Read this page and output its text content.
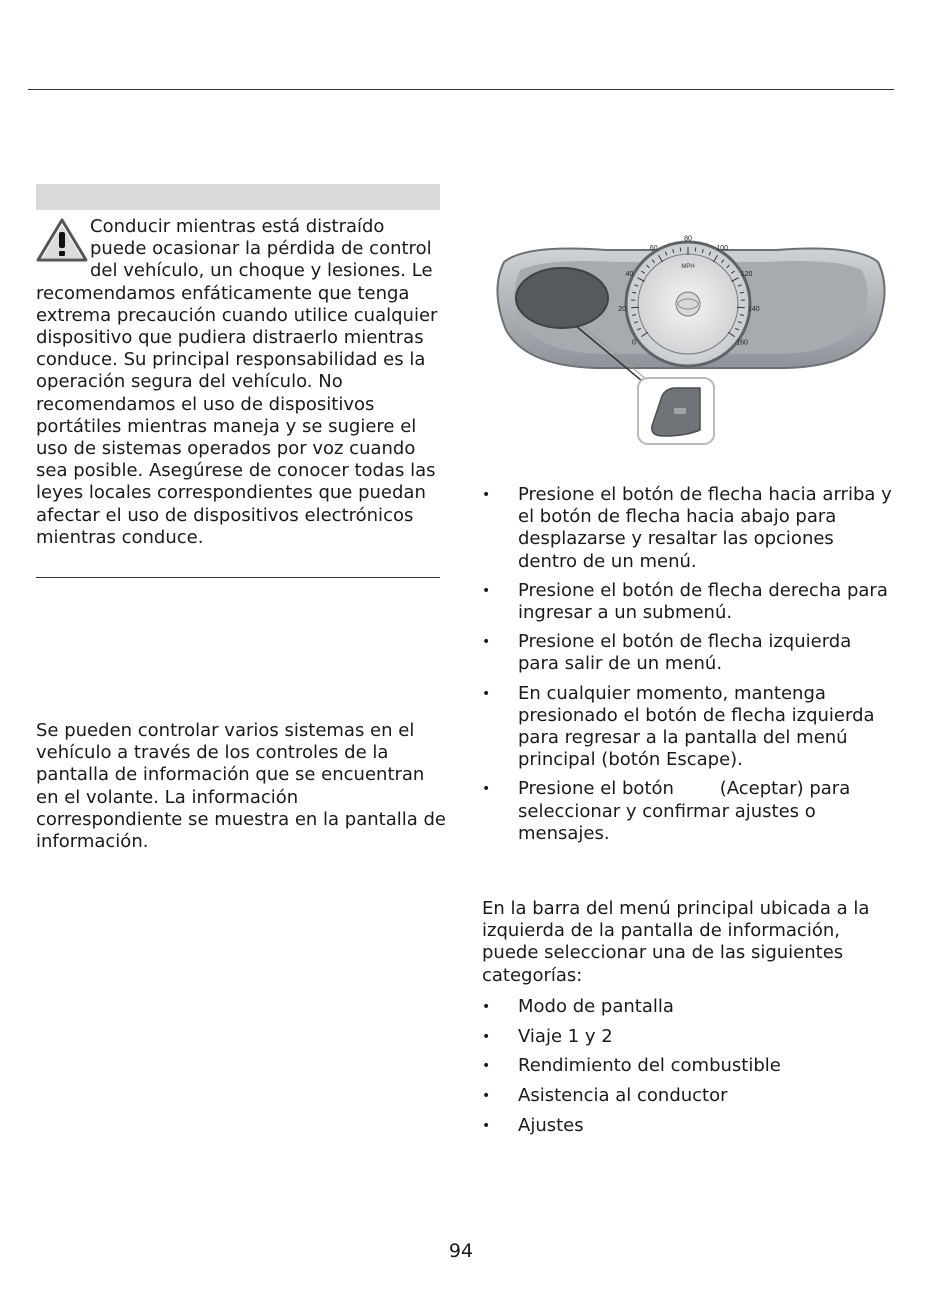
Conducir mientras está distraído puede ocasionar la pérdida de control del vehículo, un choque y lesiones. Le recomendamos enfáticamente que tenga extrema precaución cuando utilice cualquier dispositivo que pudiera distraerlo mientras conduce. Su principal responsabilidad es la operación segura del vehículo. No recomendamos el uso de dispositivos portátiles mientras maneja y se sugiere el uso de sistemas operados por voz cuando sea posible. Asegúrese de conocer todas las leyes locales correspondientes que puedan afectar el uso de dispositivos electrónicos mientras conduce.

Se pueden controlar varios sistemas en el vehículo a través de los controles de la pantalla de información que se encuentran en el volante. La información correspondiente se muestra en la pantalla de información.

0
20
40
60
80
100
120
140
160
MPH
• Presione el botón de flecha hacia arriba y el botón de flecha hacia abajo para desplazarse y resaltar las opciones dentro de un menú.
• Presione el botón de flecha derecha para ingresar a un submenú.
• Presione el botón de flecha izquierda para salir de un menú.
• En cualquier momento, mantenga presionado el botón de flecha izquierda para regresar a la pantalla del menú principal (botón Escape).
• Presione el botón        (Aceptar) para seleccionar y confirmar ajustes o mensajes.

En la barra del menú principal ubicada a la izquierda de la pantalla de información, puede seleccionar una de las siguientes categorías:

• Modo de pantalla
• Viaje 1 y 2
• Rendimiento del combustible
• Asistencia al conductor
• Ajustes
94
